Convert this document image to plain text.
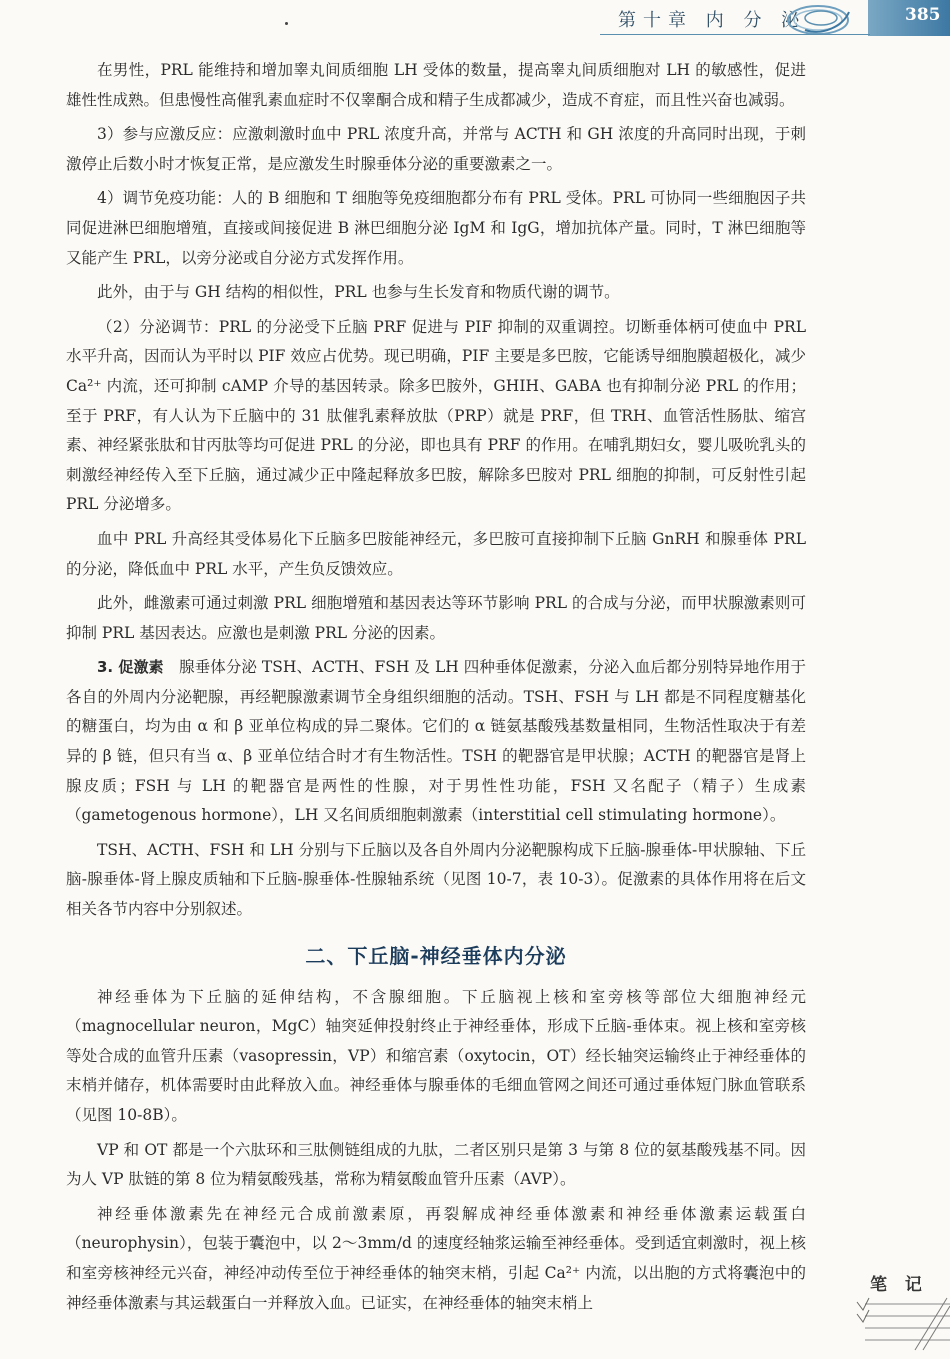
第十章 内 分 泌	385

在男性，PRL 能维持和增加睾丸间质细胞 LH 受体的数量，提高睾丸间质细胞对 LH 的敏感性，促进雄性性成熟。但患慢性高催乳素血症时不仅睾酮合成和精子生成都减少，造成不育症，而且性兴奋也减弱。

3）参与应激反应：应激刺激时血中 PRL 浓度升高，并常与 ACTH 和 GH 浓度的升高同时出现，于刺激停止后数小时才恢复正常，是应激发生时腺垂体分泌的重要激素之一。

4）调节免疫功能：人的 B 细胞和 T 细胞等免疫细胞都分布有 PRL 受体。PRL 可协同一些细胞因子共同促进淋巴细胞增殖，直接或间接促进 B 淋巴细胞分泌 IgM 和 IgG，增加抗体产量。同时，T 淋巴细胞等又能产生 PRL，以旁分泌或自分泌方式发挥作用。

此外，由于与 GH 结构的相似性，PRL 也参与生长发育和物质代谢的调节。

（2）分泌调节：PRL 的分泌受下丘脑 PRF 促进与 PIF 抑制的双重调控。切断垂体柄可使血中 PRL 水平升高，因而认为平时以 PIF 效应占优势。现已明确，PIF 主要是多巴胺，它能诱导细胞膜超极化，减少 Ca²⁺ 内流，还可抑制 cAMP 介导的基因转录。除多巴胺外，GHIH、GABA 也有抑制分泌 PRL 的作用；至于 PRF，有人认为下丘脑中的 31 肽催乳素释放肽（PRP）就是 PRF，但 TRH、血管活性肠肽、缩宫素、神经紧张肽和甘丙肽等均可促进 PRL 的分泌，即也具有 PRF 的作用。在哺乳期妇女，婴儿吸吮乳头的刺激经神经传入至下丘脑，通过减少正中隆起释放多巴胺，解除多巴胺对 PRL 细胞的抑制，可反射性引起 PRL 分泌增多。

血中 PRL 升高经其受体易化下丘脑多巴胺能神经元，多巴胺可直接抑制下丘脑 GnRH 和腺垂体 PRL 的分泌，降低血中 PRL 水平，产生负反馈效应。

此外，雌激素可通过刺激 PRL 细胞增殖和基因表达等环节影响 PRL 的合成与分泌，而甲状腺激素则可抑制 PRL 基因表达。应激也是刺激 PRL 分泌的因素。

3. 促激素　 腺垂体分泌 TSH、ACTH、FSH 及 LH 四种垂体促激素，分泌入血后都分别特异地作用于各自的外周内分泌靶腺，再经靶腺激素调节全身组织细胞的活动。TSH、FSH 与 LH 都是不同程度糖基化的糖蛋白，均为由 α 和 β 亚单位构成的异二聚体。它们的 α 链氨基酸残基数量相同，生物活性取决于有差异的 β 链，但只有当 α、β 亚单位结合时才有生物活性。TSH 的靶器官是甲状腺；ACTH 的靶器官是肾上腺皮质；FSH 与 LH 的靶器官是两性的性腺，对于男性性功能，FSH 又名配子（精子）生成素（gametogenous hormone），LH 又名间质细胞刺激素（interstitial cell stimulating hormone）。

TSH、ACTH、FSH 和 LH 分别与下丘脑以及各自外周内分泌靶腺构成下丘脑-腺垂体-甲状腺轴、下丘脑-腺垂体-肾上腺皮质轴和下丘脑-腺垂体-性腺轴系统（见图 10-7，表 10-3）。促激素的具体作用将在后文相关各节内容中分别叙述。

二、下丘脑-神经垂体内分泌

神经垂体为下丘脑的延伸结构，不含腺细胞。下丘脑视上核和室旁核等部位大细胞神经元（magnocellular neuron，MgC）轴突延伸投射终止于神经垂体，形成下丘脑-垂体束。视上核和室旁核等处合成的血管升压素（vasopressin，VP）和缩宫素（oxytocin，OT）经长轴突运输终止于神经垂体的末梢并储存，机体需要时由此释放入血。神经垂体与腺垂体的毛细血管网之间还可通过垂体短门脉血管联系（见图 10-8B）。

VP 和 OT 都是一个六肽环和三肽侧链组成的九肽，二者区别只是第 3 与第 8 位的氨基酸残基不同。因为人 VP 肽链的第 8 位为精氨酸残基，常称为精氨酸血管升压素（AVP）。

神经垂体激素先在神经元合成前激素原，再裂解成神经垂体激素和神经垂体激素运载蛋白（neurophysin），包装于囊泡中，以 2～3mm/d 的速度经轴浆运输至神经垂体。受到适宜刺激时，视上核和室旁核神经元兴奋，神经冲动传至位于神经垂体的轴突末梢，引起 Ca²⁺ 内流，以出胞的方式将囊泡中的神经垂体激素与其运载蛋白一并释放入血。已证实，在神经垂体的轴突末梢上

笔 记
